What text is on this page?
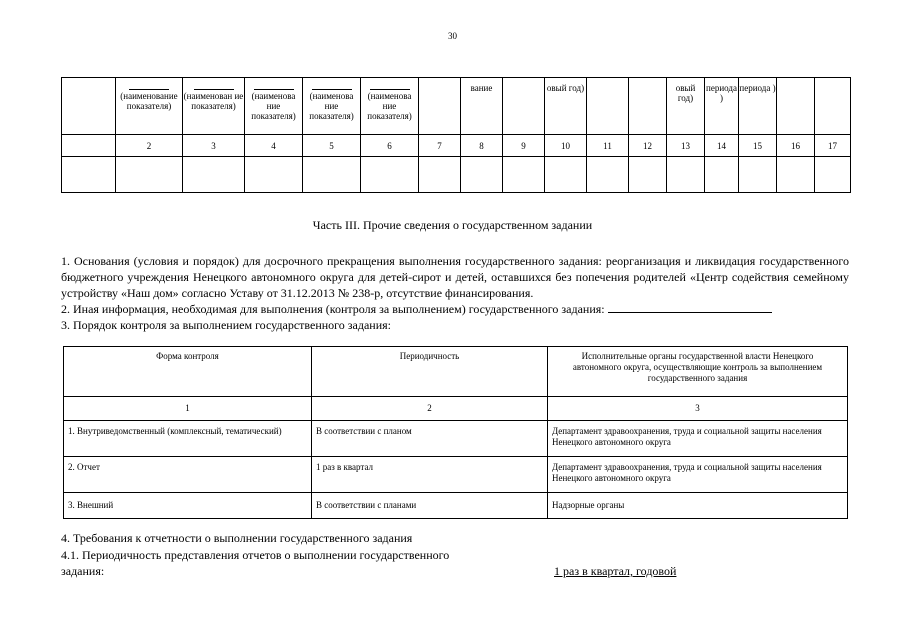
30

	(наименование показателя)	(наименован ие показателя)	(наименова ние показателя)	(наименова ние показателя)	(наименова ние показателя)		вание		овый год)			овый год)	периода )	периода )		

	2	3	4	5	6	7	8	9	10	11	12	13	14	15	16	17

Часть III. Прочие сведения о государственном задании
1. Основания (условия и порядок) для досрочного прекращения выполнения государственного задания: реорганизация и ликвидация государственного бюджетного учреждения Ненецкого автономного округа для детей-сирот и детей, оставшихся без попечения родителей «Центр содействия семейному устройству «Наш дом» согласно Уставу от 31.12.2013 № 238-р, отсутствие финансирования.
2. Иная информация, необходимая для выполнения (контроля за выполнением) государственного задания:
3. Порядок контроля за выполнением государственного задания:
Форма контроля	Периодичность	Исполнительные органы государственной власти Ненецкого автономного округа, осуществляющие контроль за выполнением государственного задания
1	2	3
1. Внутриведомственный (комплексный, тематический)	В соответствии с планом	Департамент здравоохранения, труда и социальной защиты населения Ненецкого автономного округа
2. Отчет	1 раз в квартал	Департамент здравоохранения, труда и социальной защиты населения Ненецкого автономного округа
3. Внешний	В соответствии с планами	Надзорные органы
4. Требования к отчетности о выполнении государственного задания
4.1. Периодичность представления отчетов о выполнении государственного
задания:	1 раз в квартал, годовой
